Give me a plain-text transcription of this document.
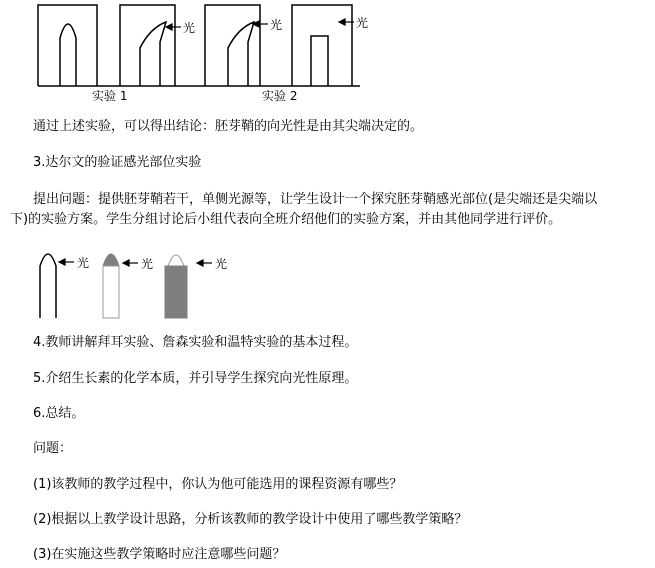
光	光	光
实验 1	实验 2
通过上述实验，可以得出结论：胚芽鞘的向光性是由其尖端决定的。
3.达尔文的验证感光部位实验
提出问题：提供胚芽鞘若干，单侧光源等，让学生设计一个探究胚芽鞘感光部位(是尖端还是尖端以
下)的实验方案。学生分组讨论后小组代表向全班介绍他们的实验方案，并由其他同学进行评价。
光	光	光
4.教师讲解拜耳实验、詹森实验和温特实验的基本过程。
5.介绍生长素的化学本质，并引导学生探究向光性原理。
6.总结。
问题：
(1)该教师的教学过程中，你认为他可能选用的课程资源有哪些？
(2)根据以上教学设计思路，分析该教师的教学设计中使用了哪些教学策略？
(3)在实施这些教学策略时应注意哪些问题？
